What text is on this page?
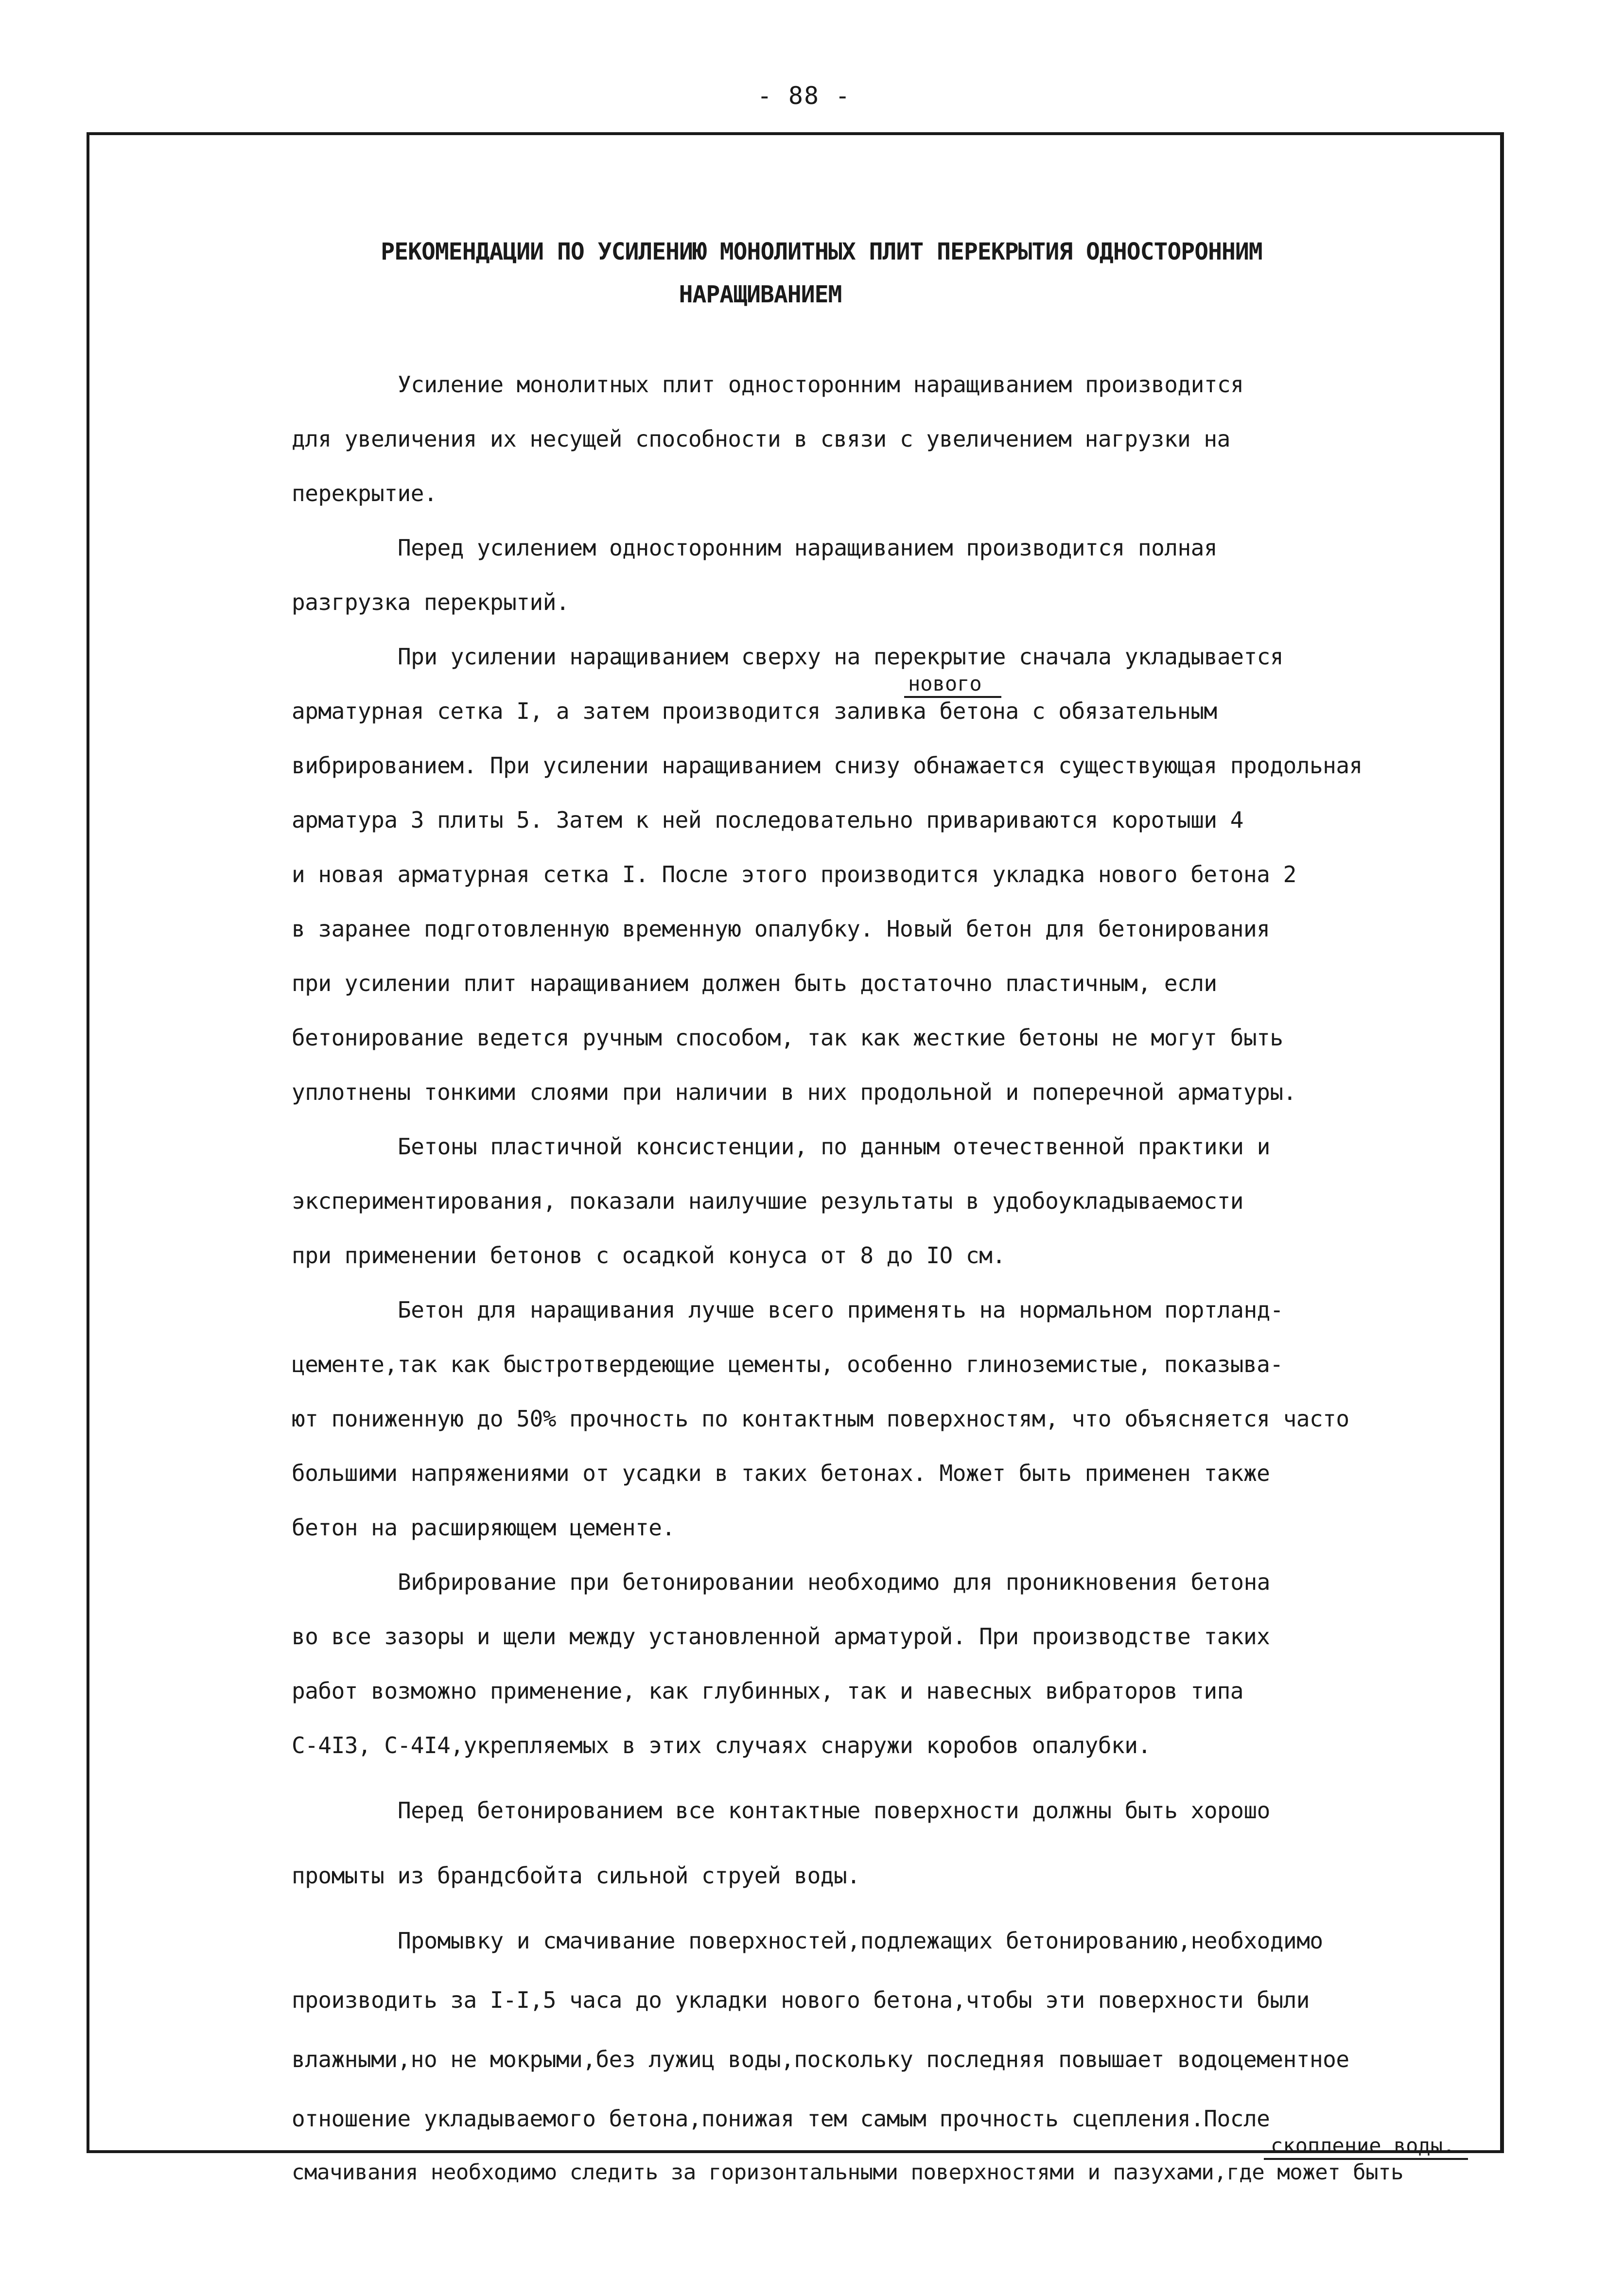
- 88 -
РЕКОМЕНДАЦИИ ПО УСИЛЕНИЮ МОНОЛИТНЫХ ПЛИТ ПЕРЕКРЫТИЯ ОДНОСТОРОННИМ
НАРАЩИВАНИЕМ
Усиление монолитных плит односторонним наращиванием производится
для увеличения их несущей способности в связи с увеличением нагрузки на
перекрытие.
Перед усилением односторонним наращиванием производится полная
разгрузка перекрытий.
При усилении наращиванием сверху на перекрытие сначала укладывается
нового
арматурная сетка I, а затем производится заливка бетона с обязательным
вибрированием. При усилении наращиванием снизу обнажается существующая продольная
арматура 3 плиты 5. Затем к ней последовательно привариваются коротыши 4
и новая арматурная сетка I. После этого производится укладка нового бетона 2
в заранее подготовленную временную опалубку. Новый бетон для бетонирования
при усилении плит наращиванием должен быть достаточно пластичным, если
бетонирование ведется ручным способом, так как жесткие бетоны не могут быть
уплотнены тонкими слоями при наличии в них продольной и поперечной арматуры.
Бетоны пластичной консистенции, по данным отечественной практики и
экспериментирования, показали наилучшие результаты в удобоукладываемости
при применении бетонов с осадкой конуса от 8 до IO см.
Бетон для наращивания лучше всего применять на нормальном портланд-
цементе,так как быстротвердеющие цементы, особенно глиноземистые, показыва-
ют пониженную до 50% прочность по контактным поверхностям, что объясняется часто
большими напряжениями от усадки в таких бетонах. Может быть применен также
бетон на расширяющем цементе.
Вибрирование при бетонировании необходимо для проникновения бетона
во все зазоры и щели между установленной арматурой. При производстве таких
работ возможно применение, как глубинных, так и навесных вибраторов типа
С-4I3, С-4I4,укрепляемых в этих случаях снаружи коробов опалубки.
Перед бетонированием все контактные поверхности должны быть хорошо
промыты из брандсбойта сильной струей воды.
Промывку и смачивание поверхностей,подлежащих бетонированию,необходимо
производить за I-I,5 часа до укладки нового бетона,чтобы эти поверхности были
влажными,но не мокрыми,без лужиц воды,поскольку последняя повышает водоцементное
отношение укладываемого бетона,понижая тем самым прочность сцепления.После
скопление воды.
смачивания необходимо следить за горизонтальными поверхностями и пазухами,где может быть
